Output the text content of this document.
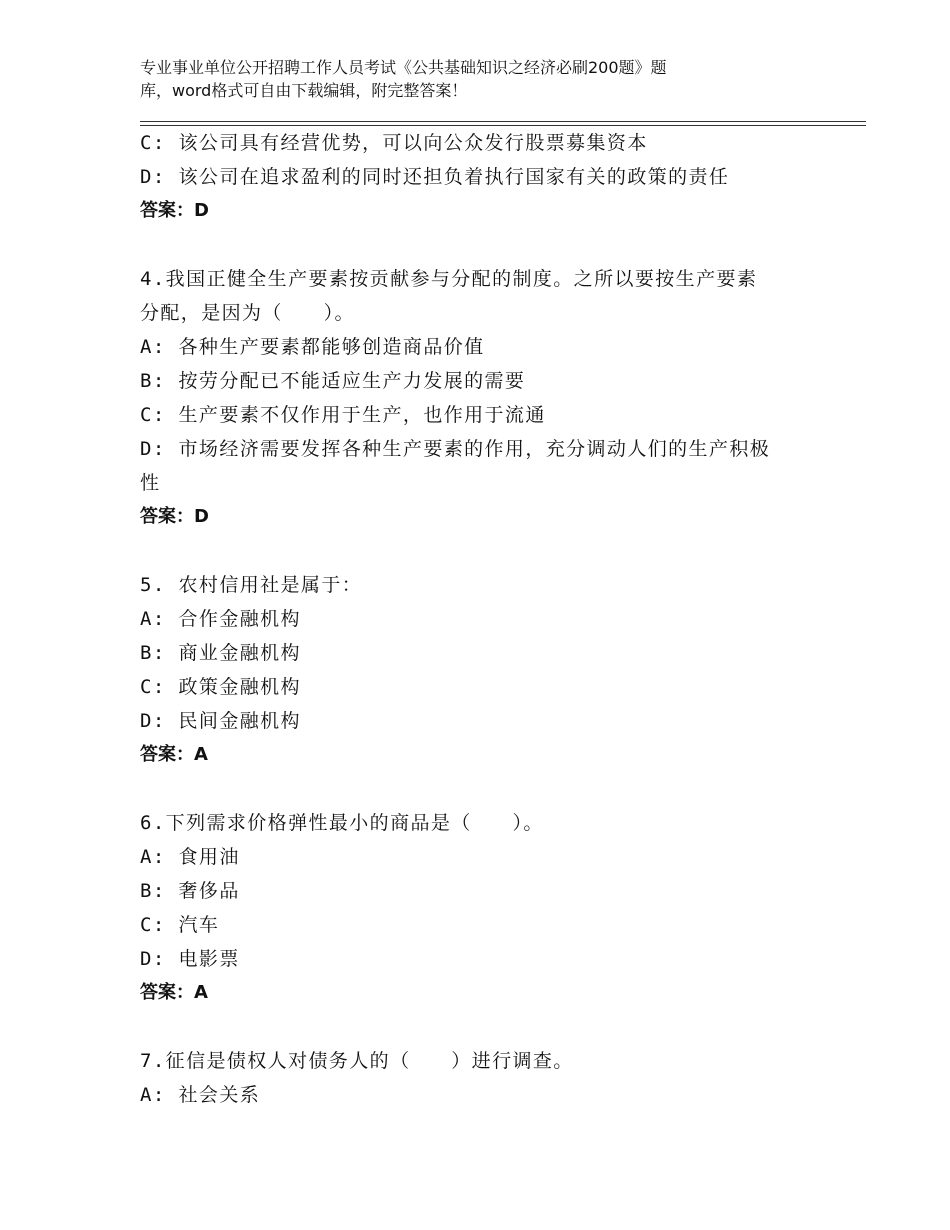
专业事业单位公开招聘工作人员考试《公共基础知识之经济必刷200题》题
库，word格式可自由下载编辑，附完整答案！
C: 该公司具有经营优势，可以向公众发行股票募集资本
D: 该公司在追求盈利的同时还担负着执行国家有关的政策的责任
答案：D
4.我国正健全生产要素按贡献参与分配的制度。之所以要按生产要素
分配，是因为（　　）。
A: 各种生产要素都能够创造商品价值
B: 按劳分配已不能适应生产力发展的需要
C: 生产要素不仅作用于生产，也作用于流通
D: 市场经济需要发挥各种生产要素的作用，充分调动人们的生产积极
性
答案：D
5. 农村信用社是属于：
A: 合作金融机构
B: 商业金融机构
C: 政策金融机构
D: 民间金融机构
答案：A
6.下列需求价格弹性最小的商品是（　　）。
A: 食用油
B: 奢侈品
C: 汽车
D: 电影票
答案：A
7.征信是债权人对债务人的（　　）进行调查。
A: 社会关系
